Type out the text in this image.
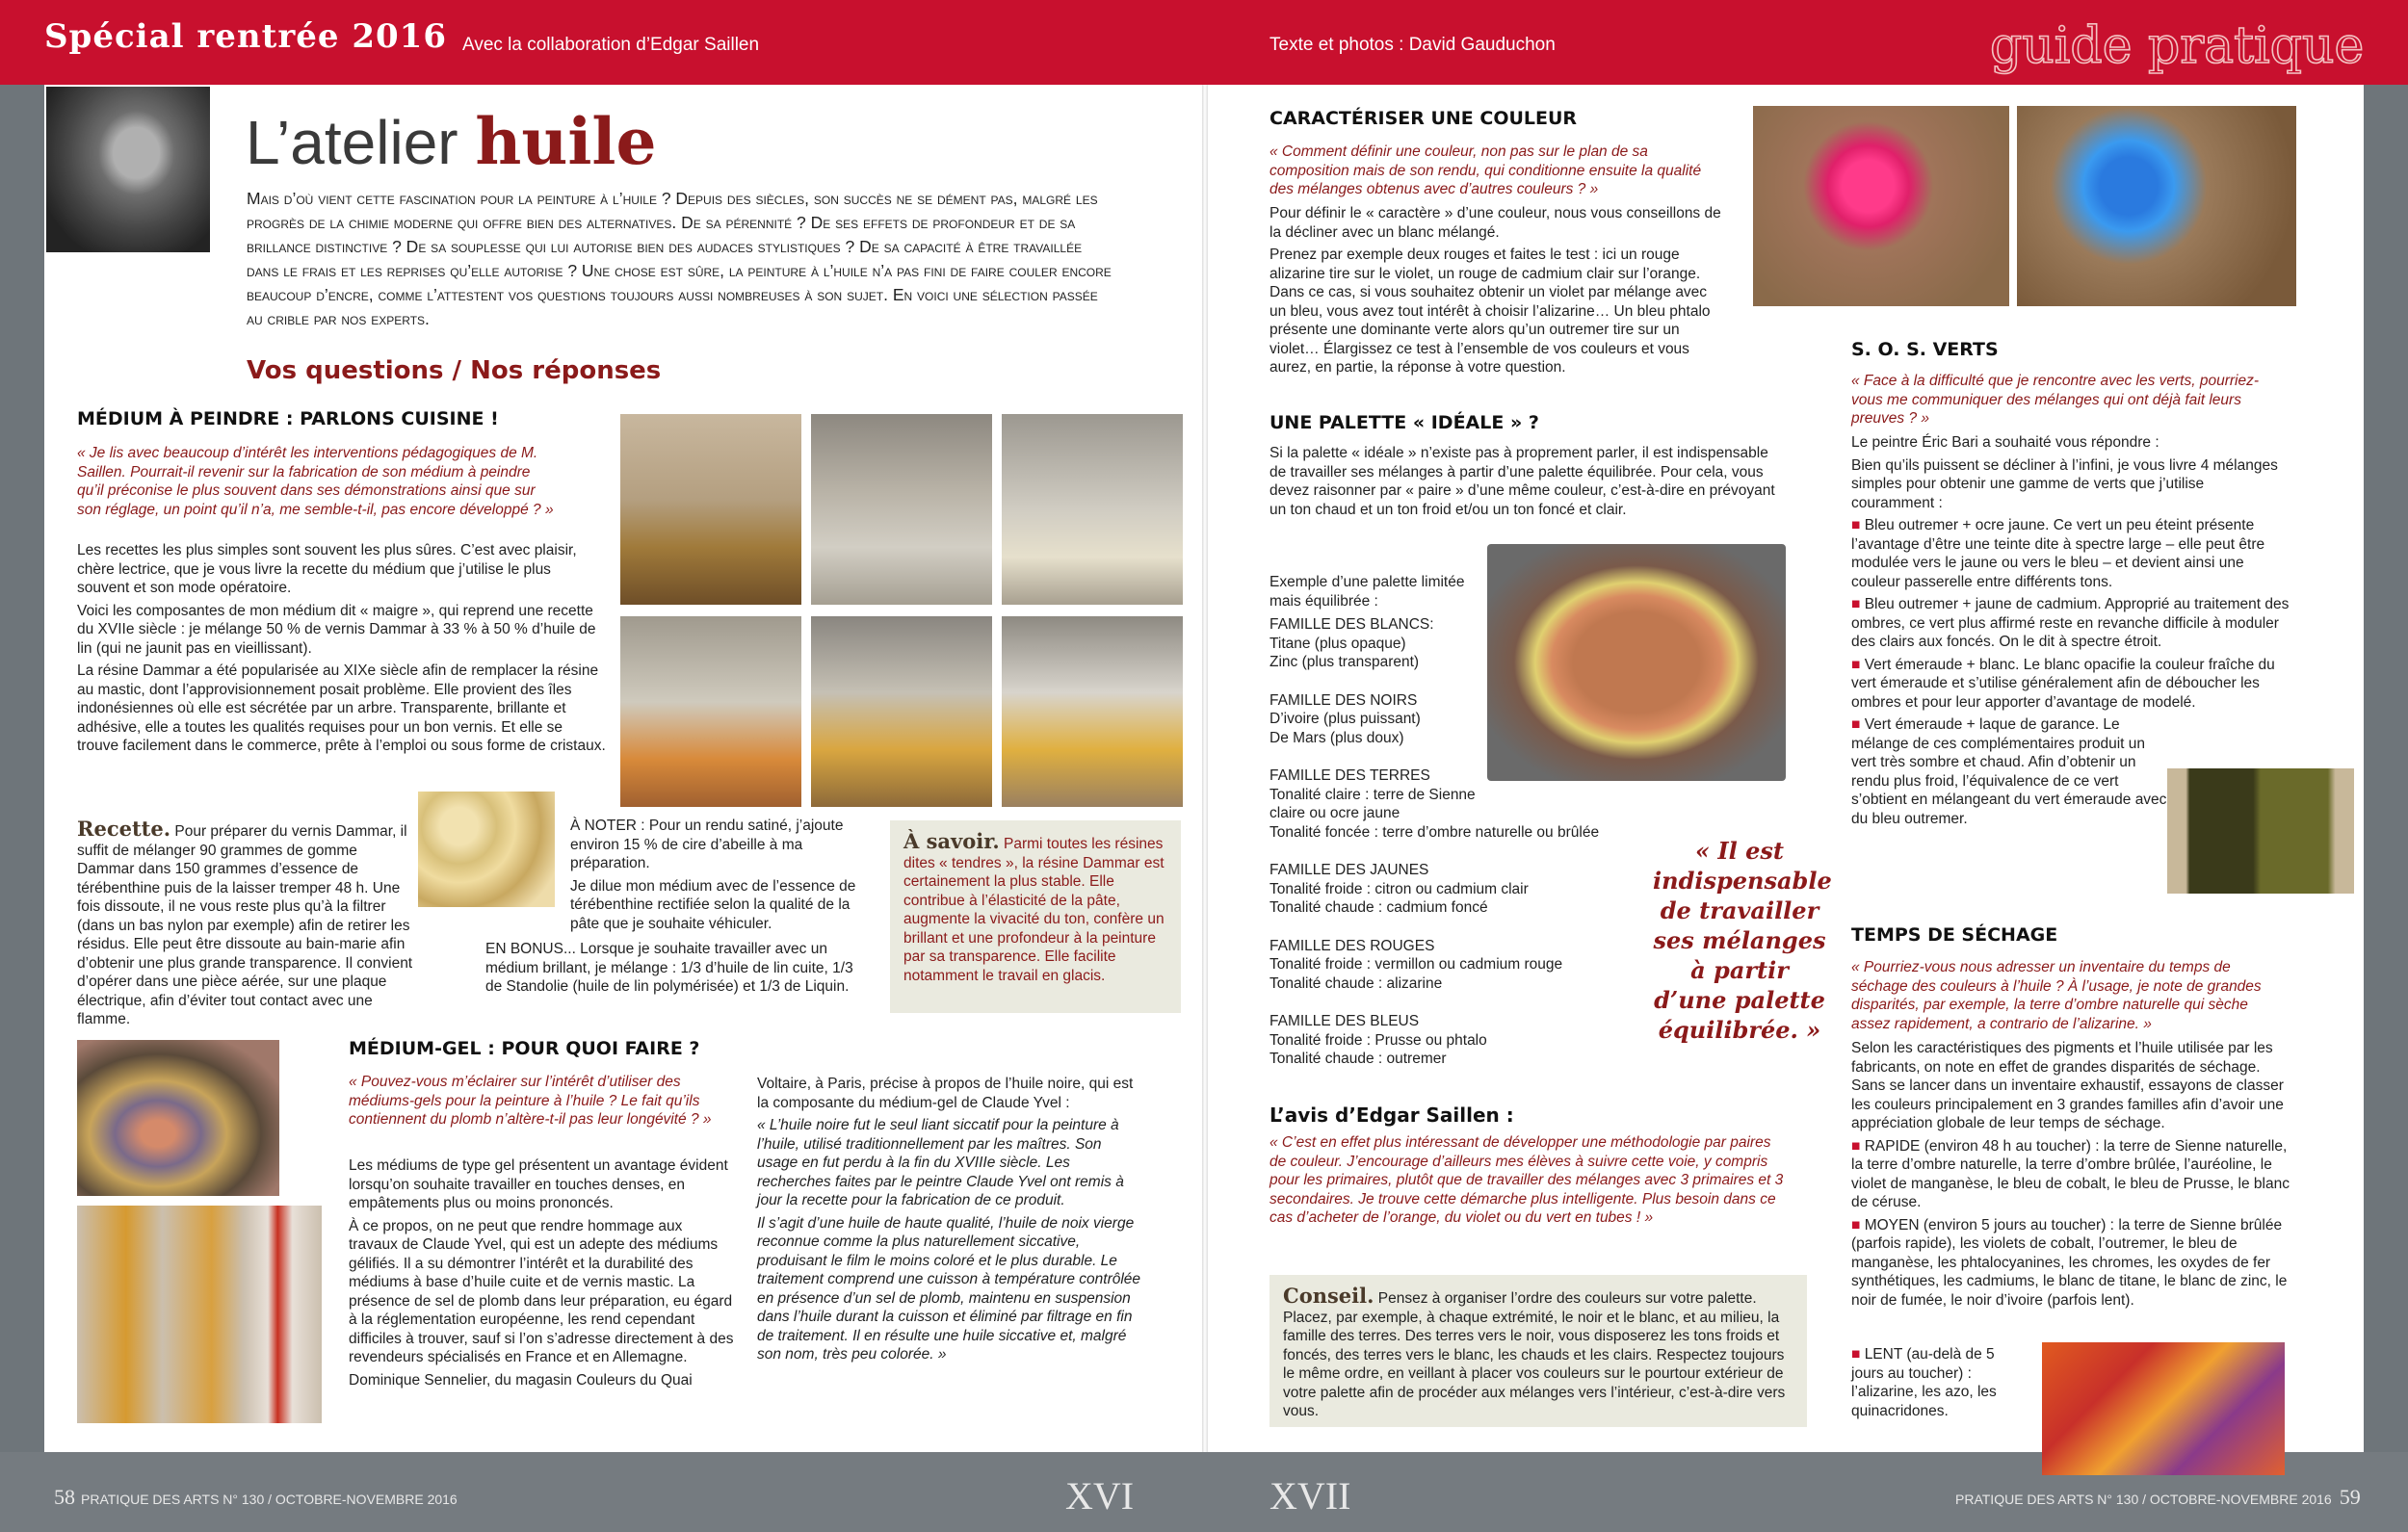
Spécial rentrée 2016 Avec la collaboration d’Edgar Saillen	Texte et photos : David Gauduchon	guide pratique
L’atelier huile
Mais d’où vient cette fascination pour la peinture à l’huile ? Depuis des siècles, son succès ne se dément pas, malgré les progrès de la chimie moderne qui offre bien des alternatives. De sa pérennité ? De ses effets de profondeur et de sa brillance distinctive ? De sa souplesse qui lui autorise bien des audaces stylistiques ? De sa capacité à être travaillée dans le frais et les reprises qu’elle autorise ? Une chose est sûre, la peinture à l’huile n’a pas fini de faire couler encore beaucoup d’encre, comme l’attestent vos questions toujours aussi nombreuses à son sujet. En voici une sélection passée au crible par nos experts.
Vos questions / Nos réponses
MÉDIUM À PEINDRE : PARLONS CUISINE !
« Je lis avec beaucoup d’intérêt les interventions pédagogiques de M. Saillen. Pourrait-il revenir sur la fabrication de son médium à peindre qu’il préconise le plus souvent dans ses démonstrations ainsi que sur son réglage, un point qu’il n’a, me semble-t-il, pas encore développé ? »

Les recettes les plus simples sont souvent les plus sûres. C’est avec plaisir, chère lectrice, que je vous livre la recette du médium que j’utilise le plus souvent et son mode opératoire.

Voici les composantes de mon médium dit « maigre », qui reprend une recette du XVIIe siècle : je mélange 50 % de vernis Dammar à 33 % à 50 % d’huile de lin (qui ne jaunit pas en vieillissant).

La résine Dammar a été popularisée au XIXe siècle afin de remplacer la résine au mastic, dont l’approvisionnement posait problème. Elle provient des îles indonésiennes où elle est sécrétée par un arbre. Transparente, brillante et adhésive, elle a toutes les qualités requises pour un bon vernis. Et elle se trouve facilement dans le commerce, prête à l’emploi ou sous forme de cristaux.

Recette. Pour préparer du vernis Dammar, il suffit de mélanger 90 grammes de gomme Dammar dans 150 grammes d’essence de térébenthine puis de la laisser tremper 48 h. Une fois dissoute, il ne vous reste plus qu’à la filtrer (dans un bas nylon par exemple) afin de retirer les résidus. Elle peut être dissoute au bain-marie afin d’obtenir une plus grande transparence. Il convient d’opérer dans une pièce aérée, sur une plaque électrique, afin d’éviter tout contact avec une flamme.

À NOTER : Pour un rendu satiné, j’ajoute environ 15 % de cire d’abeille à ma préparation.

Je dilue mon médium avec de l’essence de térébenthine rectifiée selon la qualité de la pâte que je souhaite véhiculer.

EN BONUS... Lorsque je souhaite travailler avec un médium brillant, je mélange : 1/3 d’huile de lin cuite, 1/3 de Standolie (huile de lin polymérisée) et 1/3 de Liquin.
À savoir. Parmi toutes les résines dites « tendres », la résine Dammar est certainement la plus stable. Elle contribue à l’élasticité de la pâte, augmente la vivacité du ton, confère un brillant et une profondeur à la peinture par sa transparence. Elle facilite notamment le travail en glacis.
MÉDIUM-GEL : POUR QUOI FAIRE ?
« Pouvez-vous m’éclairer sur l’intérêt d’utiliser des médiums-gels pour la peinture à l’huile ? Le fait qu’ils contiennent du plomb n’altère-t-il pas leur longévité ? »

Les médiums de type gel présentent un avantage évident lorsqu’on souhaite travailler en touches denses, en empâtements plus ou moins prononcés.

À ce propos, on ne peut que rendre hommage aux travaux de Claude Yvel, qui est un adepte des médiums gélifiés. Il a su démontrer l’intérêt et la durabilité des médiums à base d’huile cuite et de vernis mastic. La présence de sel de plomb dans leur préparation, eu égard à la réglementation européenne, les rend cependant difficiles à trouver, sauf si l’on s’adresse directement à des revendeurs spécialisés en France et en Allemagne.

Dominique Sennelier, du magasin Couleurs du Quai

Voltaire, à Paris, précise à propos de l’huile noire, qui est la composante du médium-gel de Claude Yvel :

« L’huile noire fut le seul liant siccatif pour la peinture à l’huile, utilisé traditionnellement par les maîtres. Son usage en fut perdu à la fin du XVIIIe siècle. Les recherches faites par le peintre Claude Yvel ont remis à jour la recette pour la fabrication de ce produit.

Il s’agit d’une huile de haute qualité, l’huile de noix vierge reconnue comme la plus naturellement siccative, produisant le film le moins coloré et le plus durable. Le traitement comprend une cuisson à température contrôlée en présence d’un sel de plomb, maintenu en suspension dans l’huile durant la cuisson et éliminé par filtrage en fin de traitement. Il en résulte une huile siccative et, malgré son nom, très peu colorée. »

CARACTÉRISER UNE COULEUR
« Comment définir une couleur, non pas sur le plan de sa composition mais de son rendu, qui conditionne ensuite la qualité des mélanges obtenus avec d’autres couleurs ? »

Pour définir le « caractère » d’une couleur, nous vous conseillons de la décliner avec un blanc mélangé.

Prenez par exemple deux rouges et faites le test : ici un rouge alizarine tire sur le violet, un rouge de cadmium clair sur l’orange. Dans ce cas, si vous souhaitez obtenir un violet par mélange avec un bleu, vous avez tout intérêt à choisir l’alizarine… Un bleu phtalo présente une dominante verte alors qu’un outremer tire sur un violet… Élargissez ce test à l’ensemble de vos couleurs et vous aurez, en partie, la réponse à votre question.

UNE PALETTE « IDÉALE » ?
Si la palette « idéale » n’existe pas à proprement parler, il est indispensable de travailler ses mélanges à partir d’une palette équilibrée. Pour cela, vous devez raisonner par « paire » d’une même couleur, c’est-à-dire en prévoyant un ton chaud et un ton froid et/ou un ton foncé et clair.
Exemple d’une palette limitée mais équilibrée :
FAMILLE DES BLANCS:
Titane (plus opaque)
Zinc (plus transparent)
FAMILLE DES NOIRS
D’ivoire (plus puissant)
De Mars (plus doux)
FAMILLE DES TERRES
Tonalité claire : terre de Sienne claire ou ocre jaune
Tonalité foncée : terre d’ombre naturelle ou brûlée
FAMILLE DES JAUNES
Tonalité froide : citron ou cadmium clair
Tonalité chaude : cadmium foncé
FAMILLE DES ROUGES
Tonalité froide : vermillon ou cadmium rouge
Tonalité chaude : alizarine
FAMILLE DES BLEUS
Tonalité froide : Prusse ou phtalo
Tonalité chaude : outremer
« Il est indispensable de travailler ses mélanges à partir d’une palette équilibrée. »
L’avis d’Edgar Saillen :
« C’est en effet plus intéressant de développer une méthodologie par paires de couleur. J’encourage d’ailleurs mes élèves à suivre cette voie, y compris pour les primaires, plutôt que de travailler des mélanges avec 3 primaires et 3 secondaires. Je trouve cette démarche plus intelligente. Plus besoin dans ce cas d’acheter de l’orange, du violet ou du vert en tubes ! »
Conseil. Pensez à organiser l’ordre des couleurs sur votre palette. Placez, par exemple, à chaque extrémité, le noir et le blanc, et au milieu, la famille des terres. Des terres vers le noir, vous disposerez les tons froids et foncés, des terres vers le blanc, les chauds et les clairs. Respectez toujours le même ordre, en veillant à placer vos couleurs sur le pourtour extérieur de votre palette afin de procéder aux mélanges vers l’intérieur, c’est-à-dire vers vous.
S. O. S. VERTS
« Face à la difficulté que je rencontre avec les verts, pourriez-vous me communiquer des mélanges qui ont déjà fait leurs preuves ? »

Le peintre Éric Bari a souhaité vous répondre :

Bien qu’ils puissent se décliner à l’infini, je vous livre 4 mélanges simples pour obtenir une gamme de verts que j’utilise couramment :

■ Bleu outremer + ocre jaune. Ce vert un peu éteint présente l’avantage d’être une teinte dite à spectre large – elle peut être modulée vers le jaune ou vers le bleu – et devient ainsi une couleur passerelle entre différents tons.

■ Bleu outremer + jaune de cadmium. Approprié au traitement des ombres, ce vert plus affirmé reste en revanche difficile à moduler des clairs aux foncés. On le dit à spectre étroit.

■ Vert émeraude + blanc. Le blanc opacifie la couleur fraîche du vert émeraude et s’utilise généralement afin de déboucher les ombres et pour leur apporter d’avantage de modelé.

■ Vert émeraude + laque de garance. Le mélange de ces complémentaires produit un vert très sombre et chaud. Afin d’obtenir un rendu plus froid, l’équivalence de ce vert s’obtient en mélangeant du vert émeraude avec du bleu outremer.

TEMPS DE SÉCHAGE
« Pourriez-vous nous adresser un inventaire du temps de séchage des couleurs à l’huile ? À l’usage, je note de grandes disparités, par exemple, la terre d’ombre naturelle qui sèche assez rapidement, a contrario de l’alizarine. »

Selon les caractéristiques des pigments et l’huile utilisée par les fabricants, on note en effet de grandes disparités de séchage. Sans se lancer dans un inventaire exhaustif, essayons de classer les couleurs principalement en 3 grandes familles afin d’avoir une appréciation globale de leur temps de séchage.

■ RAPIDE (environ 48 h au toucher) : la terre de Sienne naturelle, la terre d’ombre naturelle, la terre d’ombre brûlée, l’auréoline, le violet de manganèse, le bleu de cobalt, le bleu de Prusse, le blanc de céruse.

■ MOYEN (environ 5 jours au toucher) : la terre de Sienne brûlée (parfois rapide), les violets de cobalt, l’outremer, le bleu de manganèse, les phtalocyanines, les chromes, les oxydes de fer synthétiques, les cadmiums, le blanc de titane, le blanc de zinc, le noir de fumée, le noir d’ivoire (parfois lent).

■ LENT (au-delà de 5 jours au toucher) : l’alizarine, les azo, les quinacridones.
58 PRATIQUE DES ARTS N° 130 / OCTOBRE-NOVEMBRE 2016	XVI	XVII	PRATIQUE DES ARTS N° 130 / OCTOBRE-NOVEMBRE 2016 59
